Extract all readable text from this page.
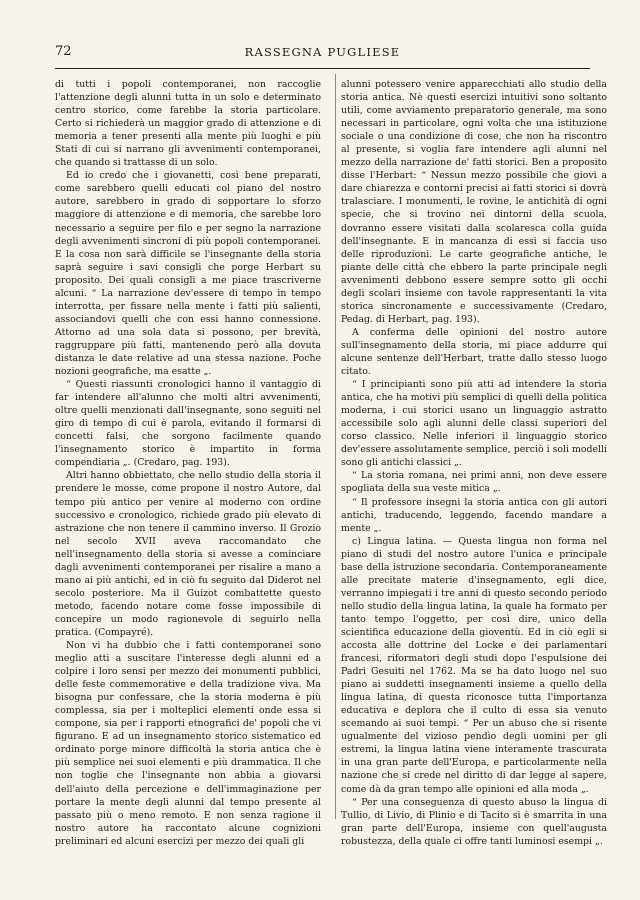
72	RASSEGNA PUGLIESE

di tutti i popoli contemporanei, non raccoglie l'attenzione degli alunni tutta in un solo e determinato centro storico, come farebbe la storia particolare. Certo si richiederà un maggior grado di attenzione e di memoria a tener presenti alla mente più luoghi e più Stati di cui si narrano gli avvenimenti contemporanei, che quando si trattasse di un solo.

Ed io credo che i giovanetti, così bene preparati, come sarebbero quelli educati col piano del nostro autore, sarebbero in grado di sopportare lo sforzo maggiore di attenzione e di memoria, che sarebbe loro necessario a seguire per filo e per segno la narrazione degli avvenimenti sincroni di più popoli contemporanei. E la cosa non sarà difficile se l'insegnante della storia saprà seguire i savi consigli che porge Herbart su proposito. Dei quali consigli a me piace trascriverne alcuni. “ La narrazione dev'essere di tempo in tempo interrotta, per fissare nella mente i fatti più salienti, associandovi quelli che con essi hanno connessione. Attorno ad una sola data si possono, per brevità, raggruppare più fatti, mantenendo però alla dovuta distanza le date relative ad una stessa nazione. Poche nozioni geografiche, ma esatte „.

“ Questi riassunti cronologici hanno il vantaggio di far intendere all'alunno che molti altri avvenimenti, oltre quelli menzionati dall'insegnante, sono seguiti nel giro di tempo di cui è parola, evitando il formarsi di concetti falsi, che sorgono facilmente quando l'insegnamento storico è impartito in forma compendiaria „. (Credaro, pag. 193).

Altri hanno obbiettato, che nello studio della storia il prendere le mosse, come propone il nostro Autore, dal tempo più antico per venire al moderno con ordine successivo e cronologico, richiede grado più elevato di astrazione che non tenere il cammino inverso. Il Grozio nel secolo XVII aveva raccomandato che nell'insegnamento della storia si avesse a cominciare dagli avvenimenti contemporanei per risalire a mano a mano ai più antichi, ed in ciò fu seguito dal Diderot nel secolo posteriore. Ma il Guizot combattette questo metodo, facendo notare come fosse impossibile di concepire un modo ragionevole di seguirlo nella pratica. (Compayré).

Non vi ha dubbio che i fatti contemporanei sono meglio atti a suscitare l'interesse degli alunni ed a colpire i loro sensi per mezzo dei monumenti pubblici, delle feste commemorative e della tradizione viva. Ma bisogna pur confessare, che la storia moderna è più complessa, sia per i molteplici elementi onde essa si compone, sia per i rapporti etnografici de' popoli che vi figurano. E ad un insegnamento storico sistematico ed ordinato porge minore difficoltà la storia antica che è più semplice nei suoi elementi e più drammatica. Il che non toglie che l'insegnante non abbia a giovarsi dell'aiuto della percezione e dell'immaginazione per portare la mente degli alunni dal tempo presente al passato più o meno remoto. E non senza ragione il nostro autore ha raccontato alcune cognizioni preliminari ed alcuni esercizi per mezzo dei quali gli

alunni potessero venire apparecchiati allo studio della storia antica. Nè questi esercizi intuitivi sono soltanto utili, come avviamento preparatorio generale, ma sono necessari in particolare, ogni volta che una istituzione sociale o una condizione di cose, che non ha riscontro al presente, si voglia fare intendere agli alunni nel mezzo della narrazione de' fatti storici. Ben a proposito disse l'Herbart: “ Nessun mezzo possibile che giovi a dare chiarezza e contorni precisi ai fatti storici si dovrà tralasciare. I monumenti, le rovine, le antichità di ogni specie, che si trovino nei dintorni della scuola, dovranno essere visitati dalla scolaresca colla guida dell'insegnante. E in mancanza di essi si faccia uso delle riproduzioni. Le carte geografiche antiche, le piante delle città che ebbero la parte principale negli avvenimenti debbono essere sempre sotto gli occhi degli scolari insieme con tavole rappresentanti la vita storica sincronamente e successivamente (Credaro, Pedag. di Herbart, pag. 193).

A conferma delle opinioni del nostro autore sull'insegnamento della storia, mi piace addurre qui alcune sentenze dell'Herbart, tratte dallo stesso luogo citato.

“ I principianti sono più atti ad intendere la storia antica, che ha motivi più semplici di quelli della politica moderna, i cui storici usano un linguaggio astratto accessibile solo agli alunni delle classi superiori del corso classico. Nelle inferiori il linguaggio storico dev'essere assolutamente semplice, perciò i soli modelli sono gli antichi classici „.

“ La storia romana, nei primi anni, non deve essere spogliata della sua veste mitica „.

“ Il professore insegni la storia antica con gli autori antichi, traducendo, leggendo, facendo mandare a mente „.

c) Lingua latina. — Questa lingua non forma nel piano di studi del nostro autore l'unica e principale base della istruzione secondaria. Contemporaneamente alle precitate materie d'insegnamento, egli dice, verranno impiegati i tre anni di questo secondo periodo nello studio della lingua latina, la quale ha formato per tanto tempo l'oggetto, per così dire, unico della scientifica educazione della gioventù. Ed in ciò egli si accosta alle dottrine del Locke e dei parlamentari francesi, riformatori degli studi dopo l'espulsione dei Padri Gesuiti nel 1762. Ma se ha dato luogo nel suo piano ai suddetti insegnamenti insieme a quello della lingua latina, di questa riconosce tutta l'importanza educativa e deplora che il culto di essa sia venuto scemando ai suoi tempi. “ Per un abuso che si risente ugualmente del vizioso pendìo degli uomini per gli estremi, la lingua latina viene interamente trascurata in una gran parte dell'Europa, e particolarmente nella nazione che si crede nel diritto di dar legge al sapere, come dà da gran tempo alle opinioni ed alla moda „.

“ Per una conseguenza di questo abuso la lingua di Tullio, di Livio, di Plinio e di Tacito si è smarrita in una gran parte dell'Europa, insieme con quell'augusta robustezza, della quale ci offre tanti luminosi esempi „.
